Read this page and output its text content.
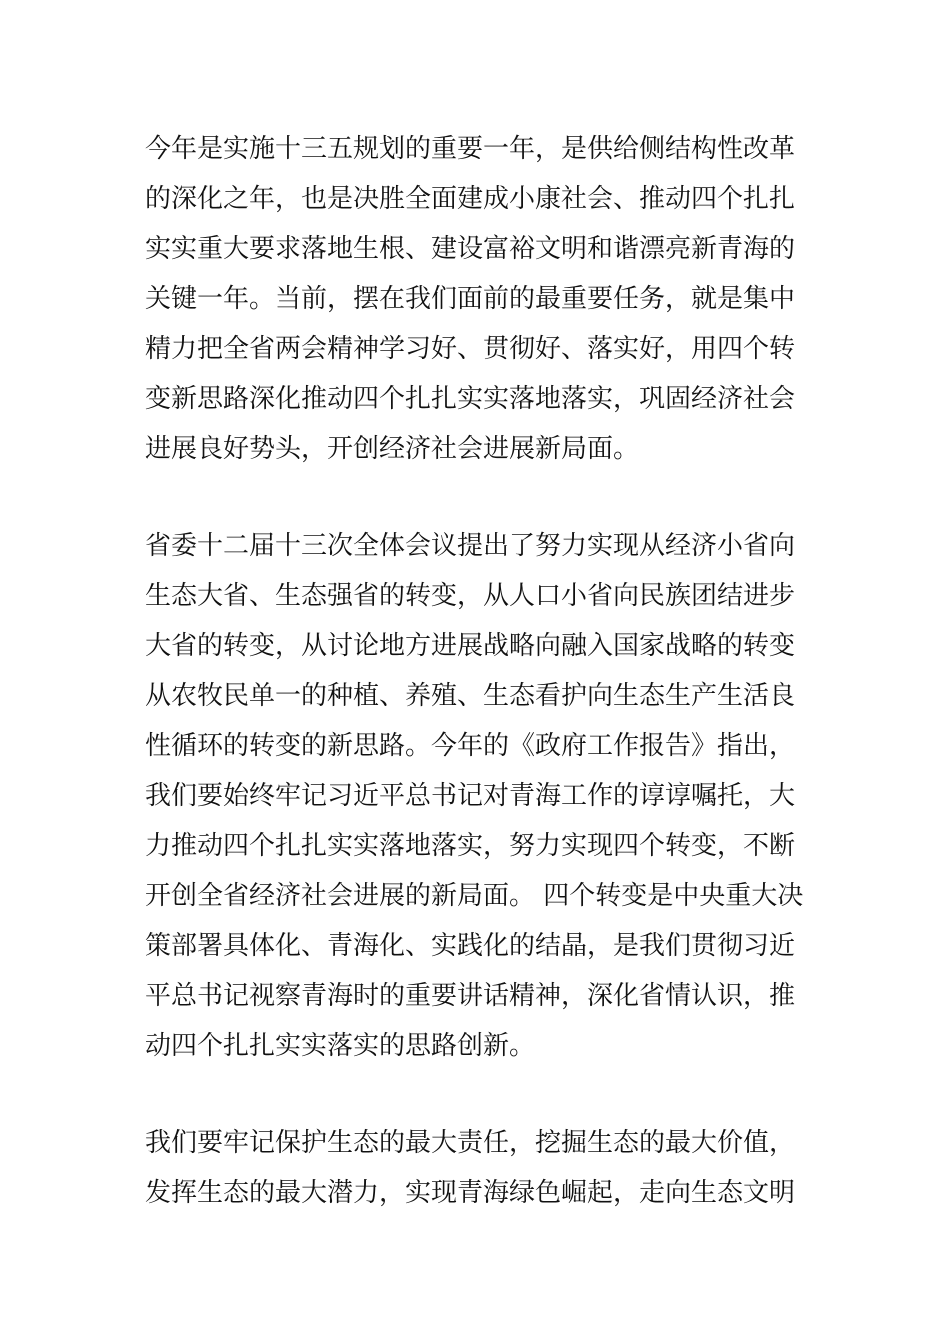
今年是实施十三五规划的重要一年，是供给侧结构性改革
的深化之年，也是决胜全面建成小康社会、推动四个扎扎
实实重大要求落地生根、建设富裕文明和谐漂亮新青海的
关键一年。当前，摆在我们面前的最重要任务，就是集中
精力把全省两会精神学习好、贯彻好、落实好，用四个转
变新思路深化推动四个扎扎实实落地落实，巩固经济社会
进展良好势头，开创经济社会进展新局面。
省委十二届十三次全体会议提出了努力实现从经济小省向
生态大省、生态强省的转变，从人口小省向民族团结进步
大省的转变，从讨论地方进展战略向融入国家战略的转变
从农牧民单一的种植、养殖、生态看护向生态生产生活良
性循环的转变的新思路。今年的《政府工作报告》指出，
我们要始终牢记习近平总书记对青海工作的谆谆嘱托，大
力推动四个扎扎实实落地落实，努力实现四个转变，不断
开创全省经济社会进展的新局面。 四个转变是中央重大决
策部署具体化、青海化、实践化的结晶，是我们贯彻习近
平总书记视察青海时的重要讲话精神，深化省情认识，推
动四个扎扎实实落实的思路创新。
我们要牢记保护生态的最大责任，挖掘生态的最大价值，
发挥生态的最大潜力，实现青海绿色崛起，走向生态文明
